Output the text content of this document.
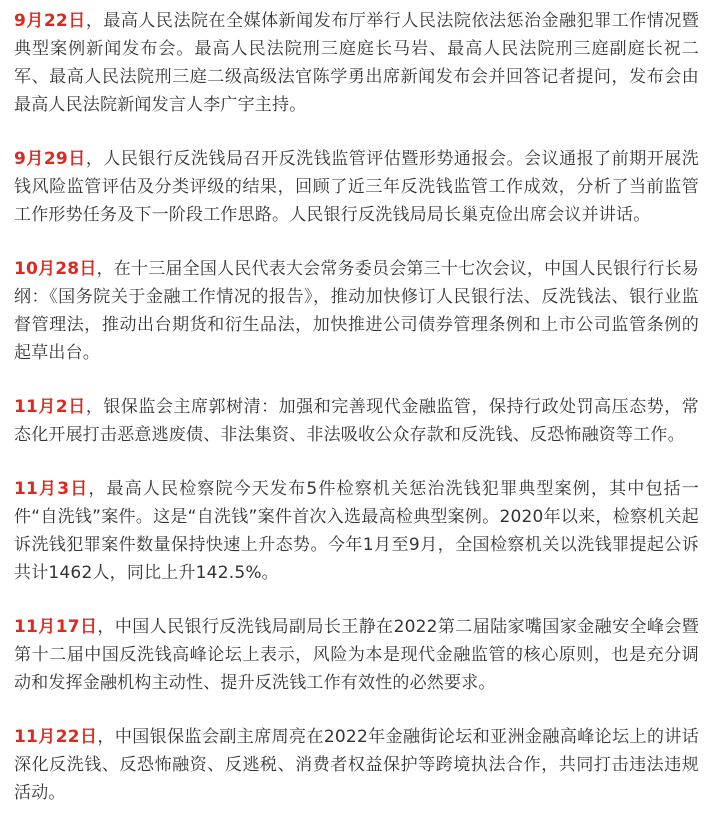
9月22日，最高人民法院在全媒体新闻发布厅举行人民法院依法惩治金融犯罪工作情况暨典型案例新闻发布会。最高人民法院刑三庭庭长马岩、最高人民法院刑三庭副庭长祝二军、最高人民法院刑三庭二级高级法官陈学勇出席新闻发布会并回答记者提问，发布会由最高人民法院新闻发言人李广宇主持。

9月29日，人民银行反洗钱局召开反洗钱监管评估暨形势通报会。会议通报了前期开展洗钱风险监管评估及分类评级的结果，回顾了近三年反洗钱监管工作成效，分析了当前监管工作形势任务及下一阶段工作思路。人民银行反洗钱局局长巢克俭出席会议并讲话。

10月28日，在十三届全国人民代表大会常务委员会第三十七次会议，中国人民银行行长易纲：《国务院关于金融工作情况的报告》，推动加快修订人民银行法、反洗钱法、银行业监督管理法，推动出台期货和衍生品法，加快推进公司债券管理条例和上市公司监管条例的起草出台。

11月2日，银保监会主席郭树清：加强和完善现代金融监管，保持行政处罚高压态势，常态化开展打击恶意逃废债、非法集资、非法吸收公众存款和反洗钱、反恐怖融资等工作。

11月3日，最高人民检察院今天发布5件检察机关惩治洗钱犯罪典型案例，其中包括一件“自洗钱”案件。这是“自洗钱”案件首次入选最高检典型案例。2020年以来，检察机关起诉洗钱犯罪案件数量保持快速上升态势。今年1月至9月，全国检察机关以洗钱罪提起公诉共计1462人，同比上升142.5%。

11月17日，中国人民银行反洗钱局副局长王静在2022第二届陆家嘴国家金融安全峰会暨第十二届中国反洗钱高峰论坛上表示，风险为本是现代金融监管的核心原则，也是充分调动和发挥金融机构主动性、提升反洗钱工作有效性的必然要求。

11月22日，中国银保监会副主席周亮在2022年金融街论坛和亚洲金融高峰论坛上的讲话深化反洗钱、反恐怖融资、反逃税、消费者权益保护等跨境执法合作，共同打击违法违规活动。
